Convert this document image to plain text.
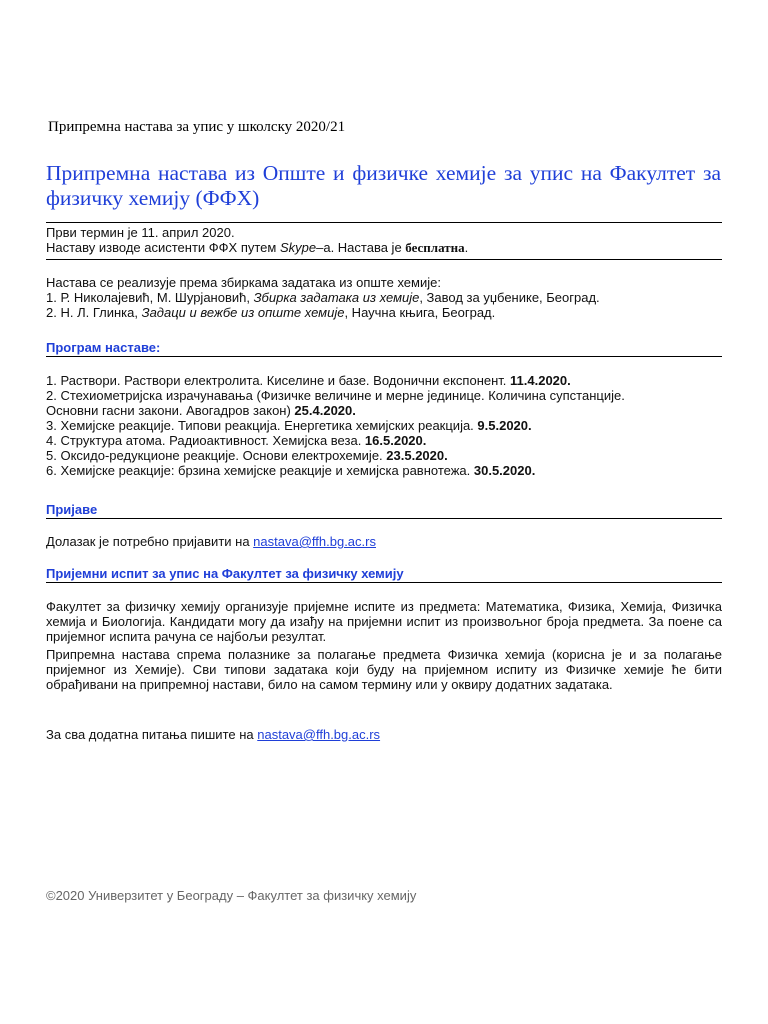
Припремна настава за упис у школску 2020/21
Припремна настава из Опште и физичке хемије за упис на Факултет за физичку хемију (ФФХ)
Први термин је 11. април 2020.
Наставу изводе асистенти ФФХ путем Skype–а. Настава је бесплатна.
Настава се реализује према збиркама задатака из опште хемије:
1. Р. Николајевић, М. Шурјановић, Збирка задатака из хемије, Завод за уџбенике, Београд.
2. Н. Л. Глинка, Задаци и вежбе из опште хемије, Научна књига, Београд.
Програм наставе:
1. Раствори. Раствори електролита. Киселине и базе. Водонични експонент. 11.4.2020.
2. Стехиометријска израчунавања (Физичке величине и мерне јединице. Количина супстанције.
Основни гасни закони. Авогадров закон) 25.4.2020.
3. Хемијске реакције. Типови реакција. Енергетика хемијских реакција. 9.5.2020.
4. Структура атома. Радиоактивност. Хемијска веза. 16.5.2020.
5. Оксидо-редукционе реакције. Основи електрохемије. 23.5.2020.
6. Хемијске реакције: брзина хемијске реакције и хемијска равнотежа. 30.5.2020.
Пријаве
Долазак је потребно пријавити на nastava@ffh.bg.ac.rs
Пријемни испит за упис на Факултет за физичку хемију
Факултет за физичку хемију организује пријемне испите из предмета: Математика, Физика, Хемија, Физичка хемија и Биологија. Кандидати могу да изађу на пријемни испит из произвољног броја предмета. За поене са пријемног испита рачуна се најбољи резултат.
Припремна настава спрема полазнике за полагање предмета Физичка хемија (корисна је и за полагање пријемног из Хемије). Сви типови задатака који буду на пријемном испиту из Физичке хемије ће бити обрађивани на припремној настави, било на самом термину или у оквиру додатних задатака.
За сва додатна питања пишите на nastava@ffh.bg.ac.rs
©2020 Универзитет у Београду – Факултет за физичку хемију
